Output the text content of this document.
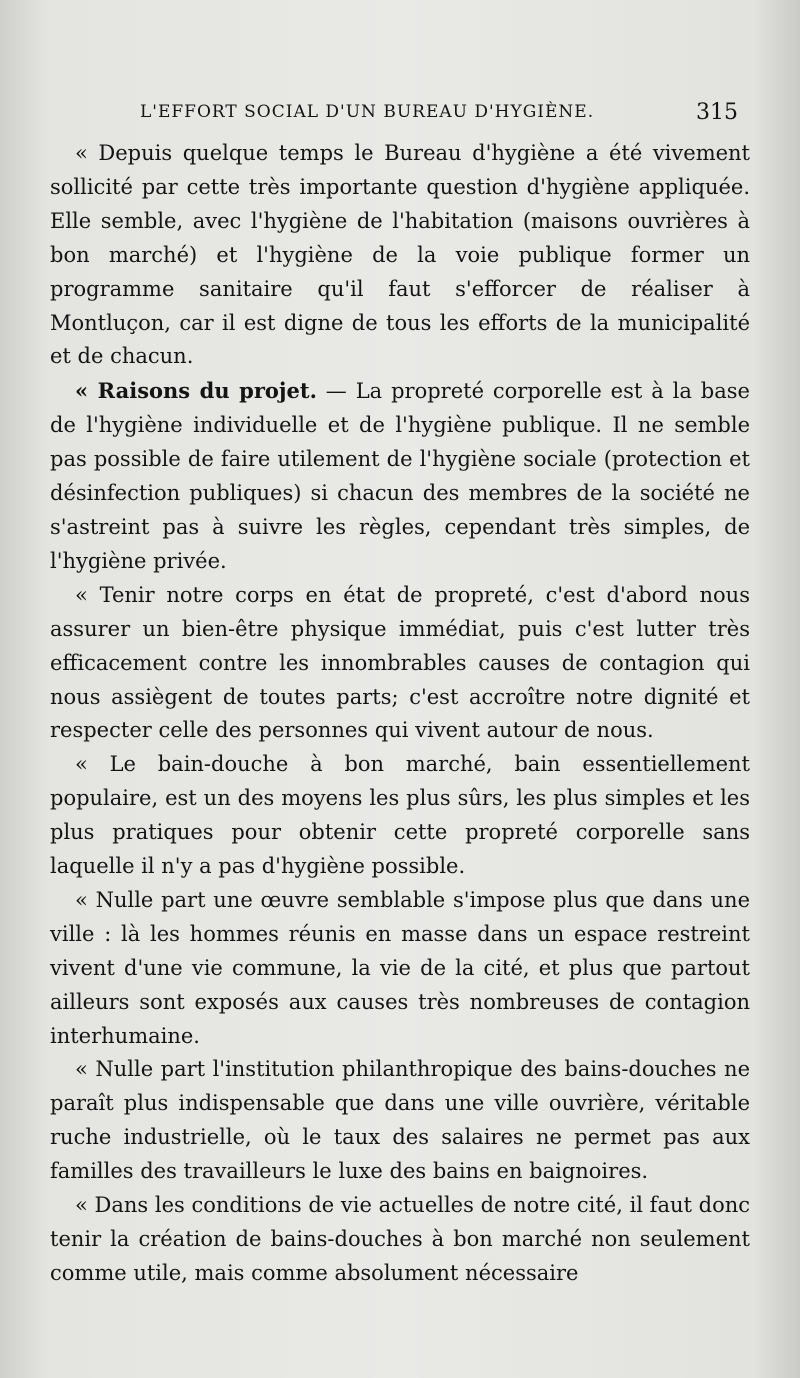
L'EFFORT SOCIAL D'UN BUREAU D'HYGIÈNE.	315

« Depuis quelque temps le Bureau d'hygiène a été vivement sollicité par cette très importante question d'hygiène appliquée. Elle semble, avec l'hygiène de l'habitation (maisons ouvrières à bon marché) et l'hygiène de la voie publique former un programme sanitaire qu'il faut s'efforcer de réaliser à Montluçon, car il est digne de tous les efforts de la municipalité et de chacun.

« Raisons du projet. — La propreté corporelle est à la base de l'hygiène individuelle et de l'hygiène publique. Il ne semble pas possible de faire utilement de l'hygiène sociale (protection et désinfection publiques) si chacun des membres de la société ne s'astreint pas à suivre les règles, cependant très simples, de l'hygiène privée.

« Tenir notre corps en état de propreté, c'est d'abord nous assurer un bien-être physique immédiat, puis c'est lutter très efficacement contre les innombrables causes de contagion qui nous assiègent de toutes parts; c'est accroître notre dignité et respecter celle des personnes qui vivent autour de nous.

« Le bain-douche à bon marché, bain essentiellement populaire, est un des moyens les plus sûrs, les plus simples et les plus pratiques pour obtenir cette propreté corporelle sans laquelle il n'y a pas d'hygiène possible.

« Nulle part une œuvre semblable s'impose plus que dans une ville : là les hommes réunis en masse dans un espace restreint vivent d'une vie commune, la vie de la cité, et plus que partout ailleurs sont exposés aux causes très nombreuses de contagion interhumaine.

« Nulle part l'institution philanthropique des bains-douches ne paraît plus indispensable que dans une ville ouvrière, véritable ruche industrielle, où le taux des salaires ne permet pas aux familles des travailleurs le luxe des bains en baignoires.

« Dans les conditions de vie actuelles de notre cité, il faut donc tenir la création de bains-douches à bon marché non seulement comme utile, mais comme absolument nécessaire
